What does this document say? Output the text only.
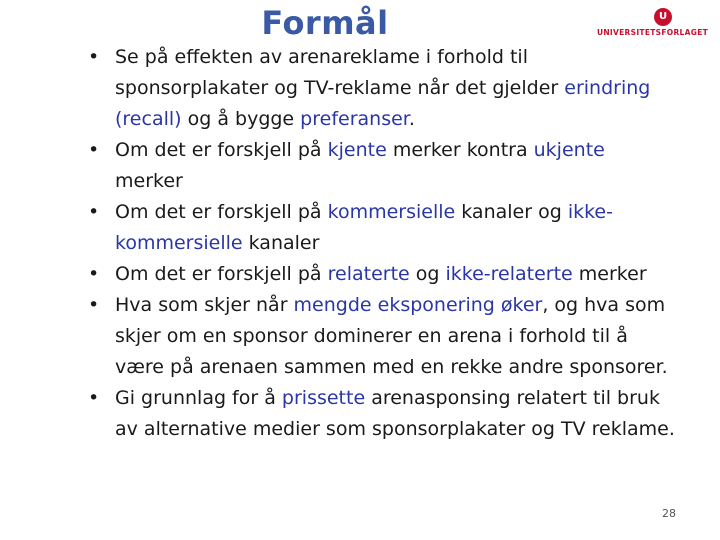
Formål	U
UNIVERSITETSFORLAGET
• Se på effekten av arenareklame i forhold til sponsorplakater og TV-reklame når det gjelder erindring (recall) og å bygge preferanser.
• Om det er forskjell på kjente merker kontra ukjente merker
• Om det er forskjell på kommersielle kanaler og ikke-kommersielle kanaler
• Om det er forskjell på relaterte og ikke-relaterte merker
• Hva som skjer når mengde eksponering øker, og hva som skjer om en sponsor dominerer en arena i forhold til å være på arenaen sammen med en rekke andre sponsorer.
• Gi grunnlag for å prissette arenasponsing relatert til bruk av alternative medier som sponsorplakater og TV reklame.
28
